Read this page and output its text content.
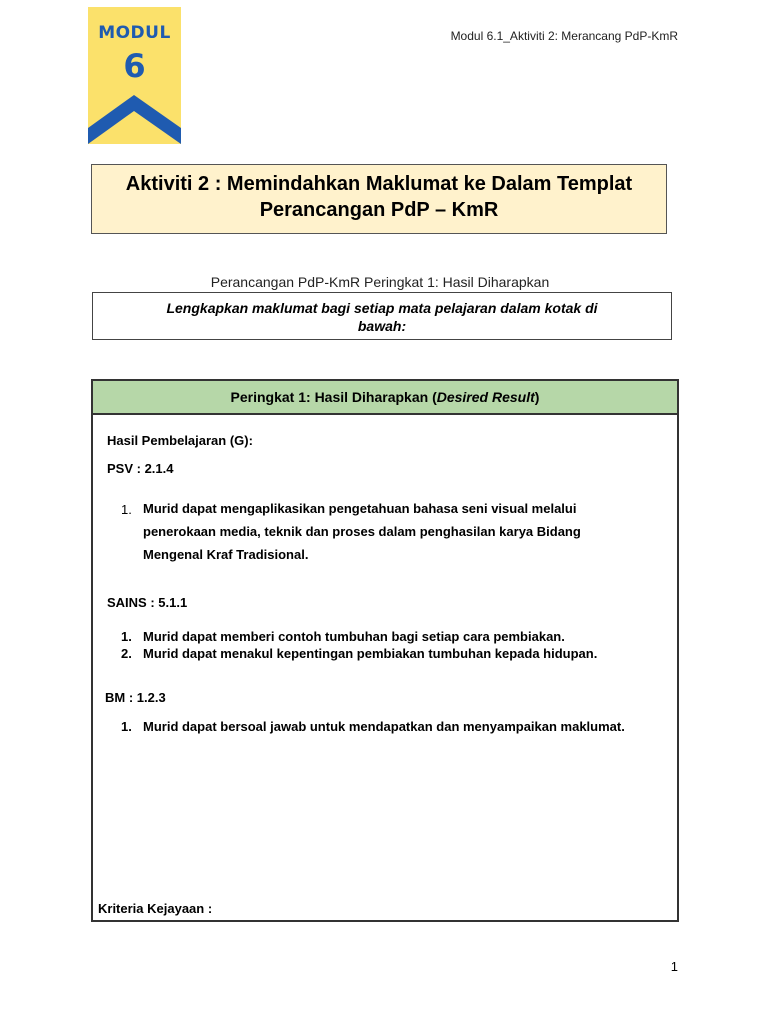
MODUL
6
Modul 6.1_Aktiviti 2: Merancang PdP-KmR
Aktiviti 2 : Memindahkan Maklumat ke Dalam Templat
Perancangan PdP – KmR
Perancangan PdP-KmR Peringkat 1: Hasil Diharapkan
Lengkapkan maklumat bagi setiap mata pelajaran dalam kotak di
bawah:
Peringkat 1: Hasil Diharapkan (Desired Result)
Hasil Pembelajaran (G):
PSV : 2.1.4
1. Murid dapat mengaplikasikan pengetahuan bahasa seni visual melalui
penerokaan media, teknik dan proses dalam penghasilan karya Bidang
Mengenal Kraf Tradisional.
SAINS : 5.1.1
1. Murid dapat memberi contoh tumbuhan bagi setiap cara pembiakan.
2. Murid dapat menakul kepentingan pembiakan tumbuhan kepada hidupan.
BM : 1.2.3
1. Murid dapat bersoal jawab untuk mendapatkan dan menyampaikan maklumat.
Kriteria Kejayaan :
1
